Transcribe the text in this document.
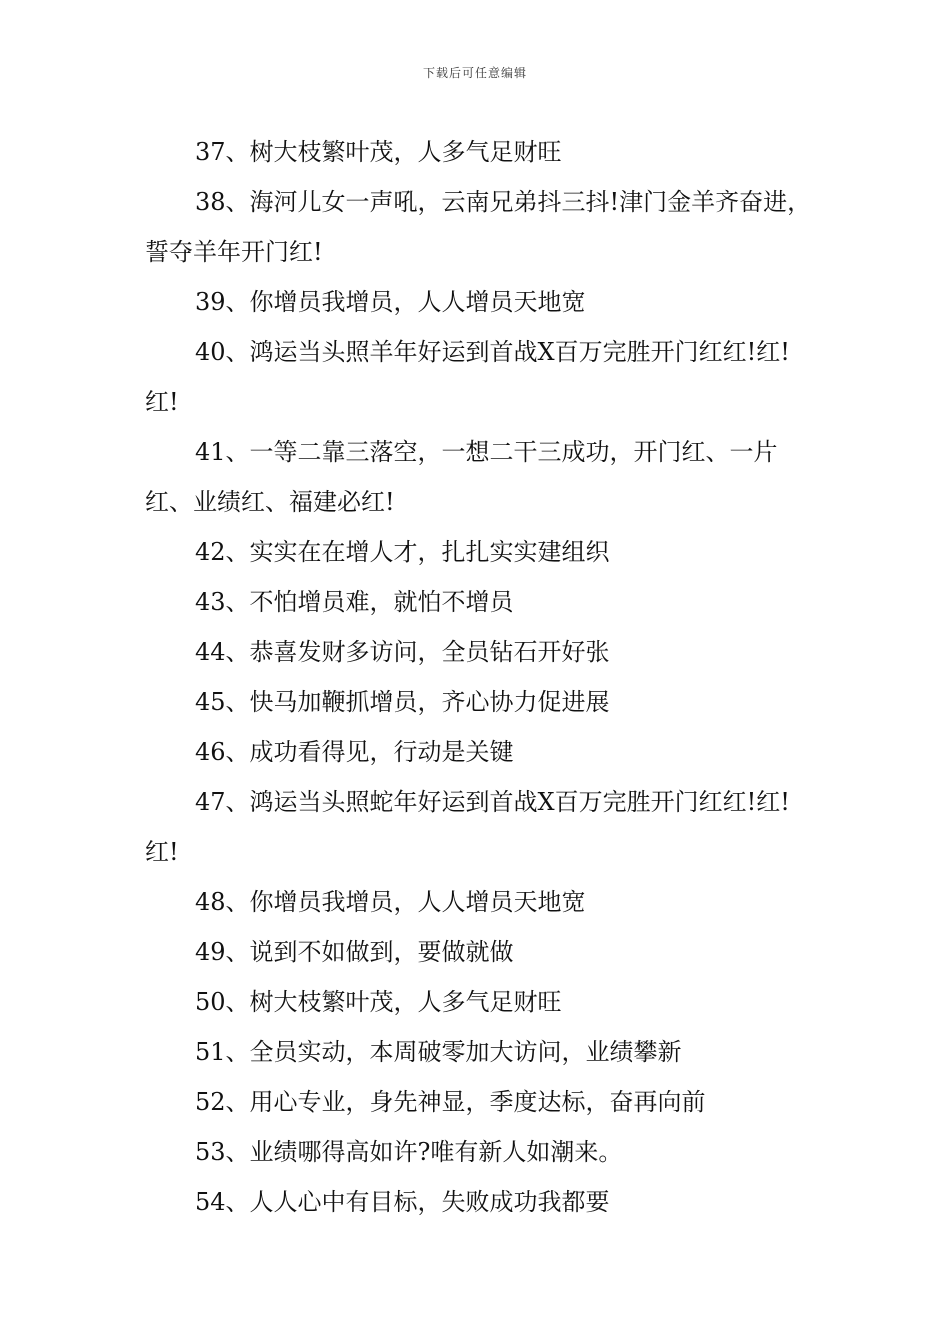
下载后可任意编辑

37、树大枝繁叶茂，人多气足财旺

38、海河儿女一声吼，云南兄弟抖三抖!津门金羊齐奋进，誓夺羊年开门红!

39、你增员我增员，人人增员天地宽

40、鸿运当头照羊年好运到首战X百万完胜开门红红!红!红!

41、一等二靠三落空，一想二干三成功，开门红、一片红、业绩红、福建必红!

42、实实在在增人才，扎扎实实建组织

43、不怕增员难，就怕不增员

44、恭喜发财多访问，全员钻石开好张

45、快马加鞭抓增员，齐心协力促进展

46、成功看得见，行动是关键

47、鸿运当头照蛇年好运到首战X百万完胜开门红红!红!红!

48、你增员我增员，人人增员天地宽

49、说到不如做到，要做就做

50、树大枝繁叶茂，人多气足财旺

51、全员实动，本周破零加大访问，业绩攀新

52、用心专业，身先神显，季度达标，奋再向前

53、业绩哪得高如许?唯有新人如潮来。

54、人人心中有目标，失败成功我都要
